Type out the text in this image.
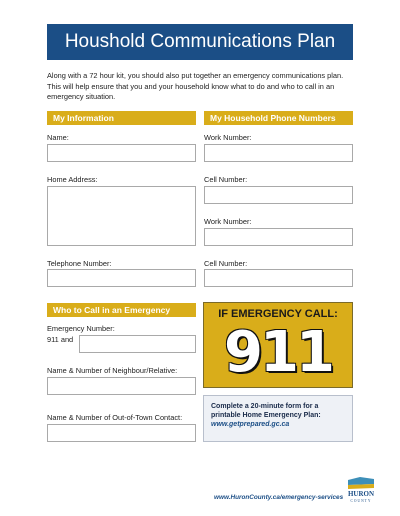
Houshold Communications Plan
Along with a 72 hour kit, you should also put together an emergency communications plan. This will help ensure that you and your household know what to do and who to call in an emergency situation.
My Information
Name:
Home Address:
Telephone Number:
My Household Phone Numbers
Work Number:
Cell Number:
Work Number:
Cell Number:
Who to Call in an Emergency
Emergency Number:
911 and
Name & Number of Neighbour/Relative:
Name & Number of Out-of-Town Contact:
IF EMERGENCY CALL:
911
Complete a 20-minute form for a printable Home Emergency Plan:
www.getprepared.gc.ca
www.HuronCounty.ca/emergency-services HURON
COUNTY
